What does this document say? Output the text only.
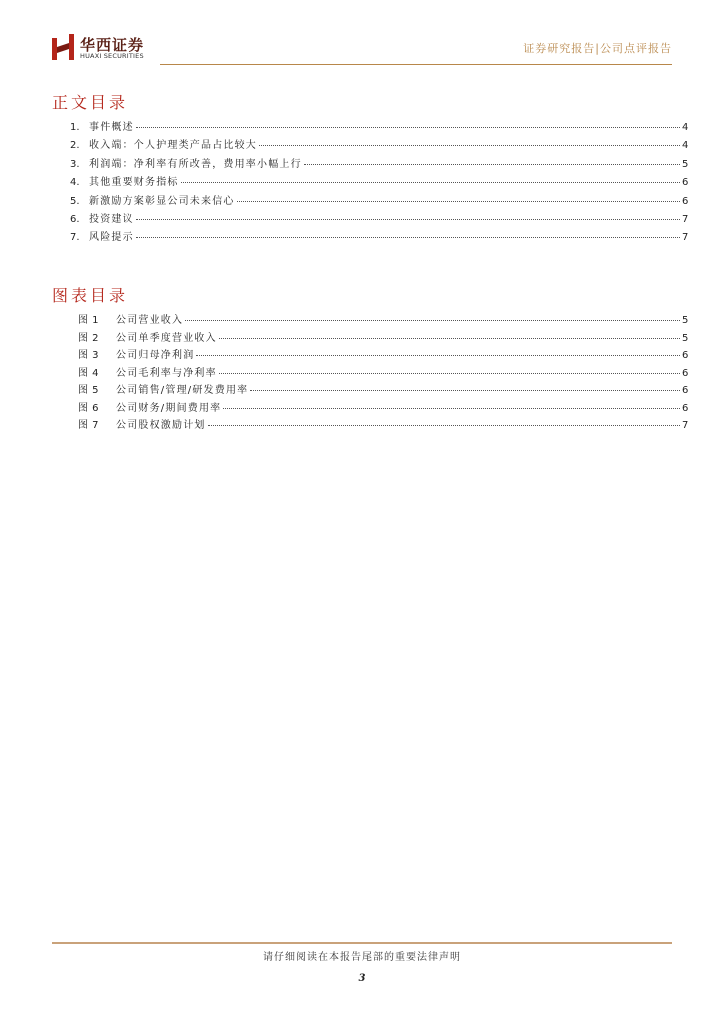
华西证券
HUAXI SECURITIES
证券研究报告|公司点评报告
正文目录
1. 事件概述	4
2. 收入端：个人护理类产品占比较大	4
3. 利润端：净利率有所改善，费用率小幅上行	5
4. 其他重要财务指标	6
5. 新激励方案彰显公司未来信心	6
6. 投资建议	7
7. 风险提示	7
图表目录
图 1	公司营业收入	5
图 2	公司单季度营业收入	5
图 3	公司归母净利润	6
图 4	公司毛利率与净利率	6
图 5	公司销售/管理/研发费用率	6
图 6	公司财务/期间费用率	6
图 7	公司股权激励计划	7
请仔细阅读在本报告尾部的重要法律声明
3
